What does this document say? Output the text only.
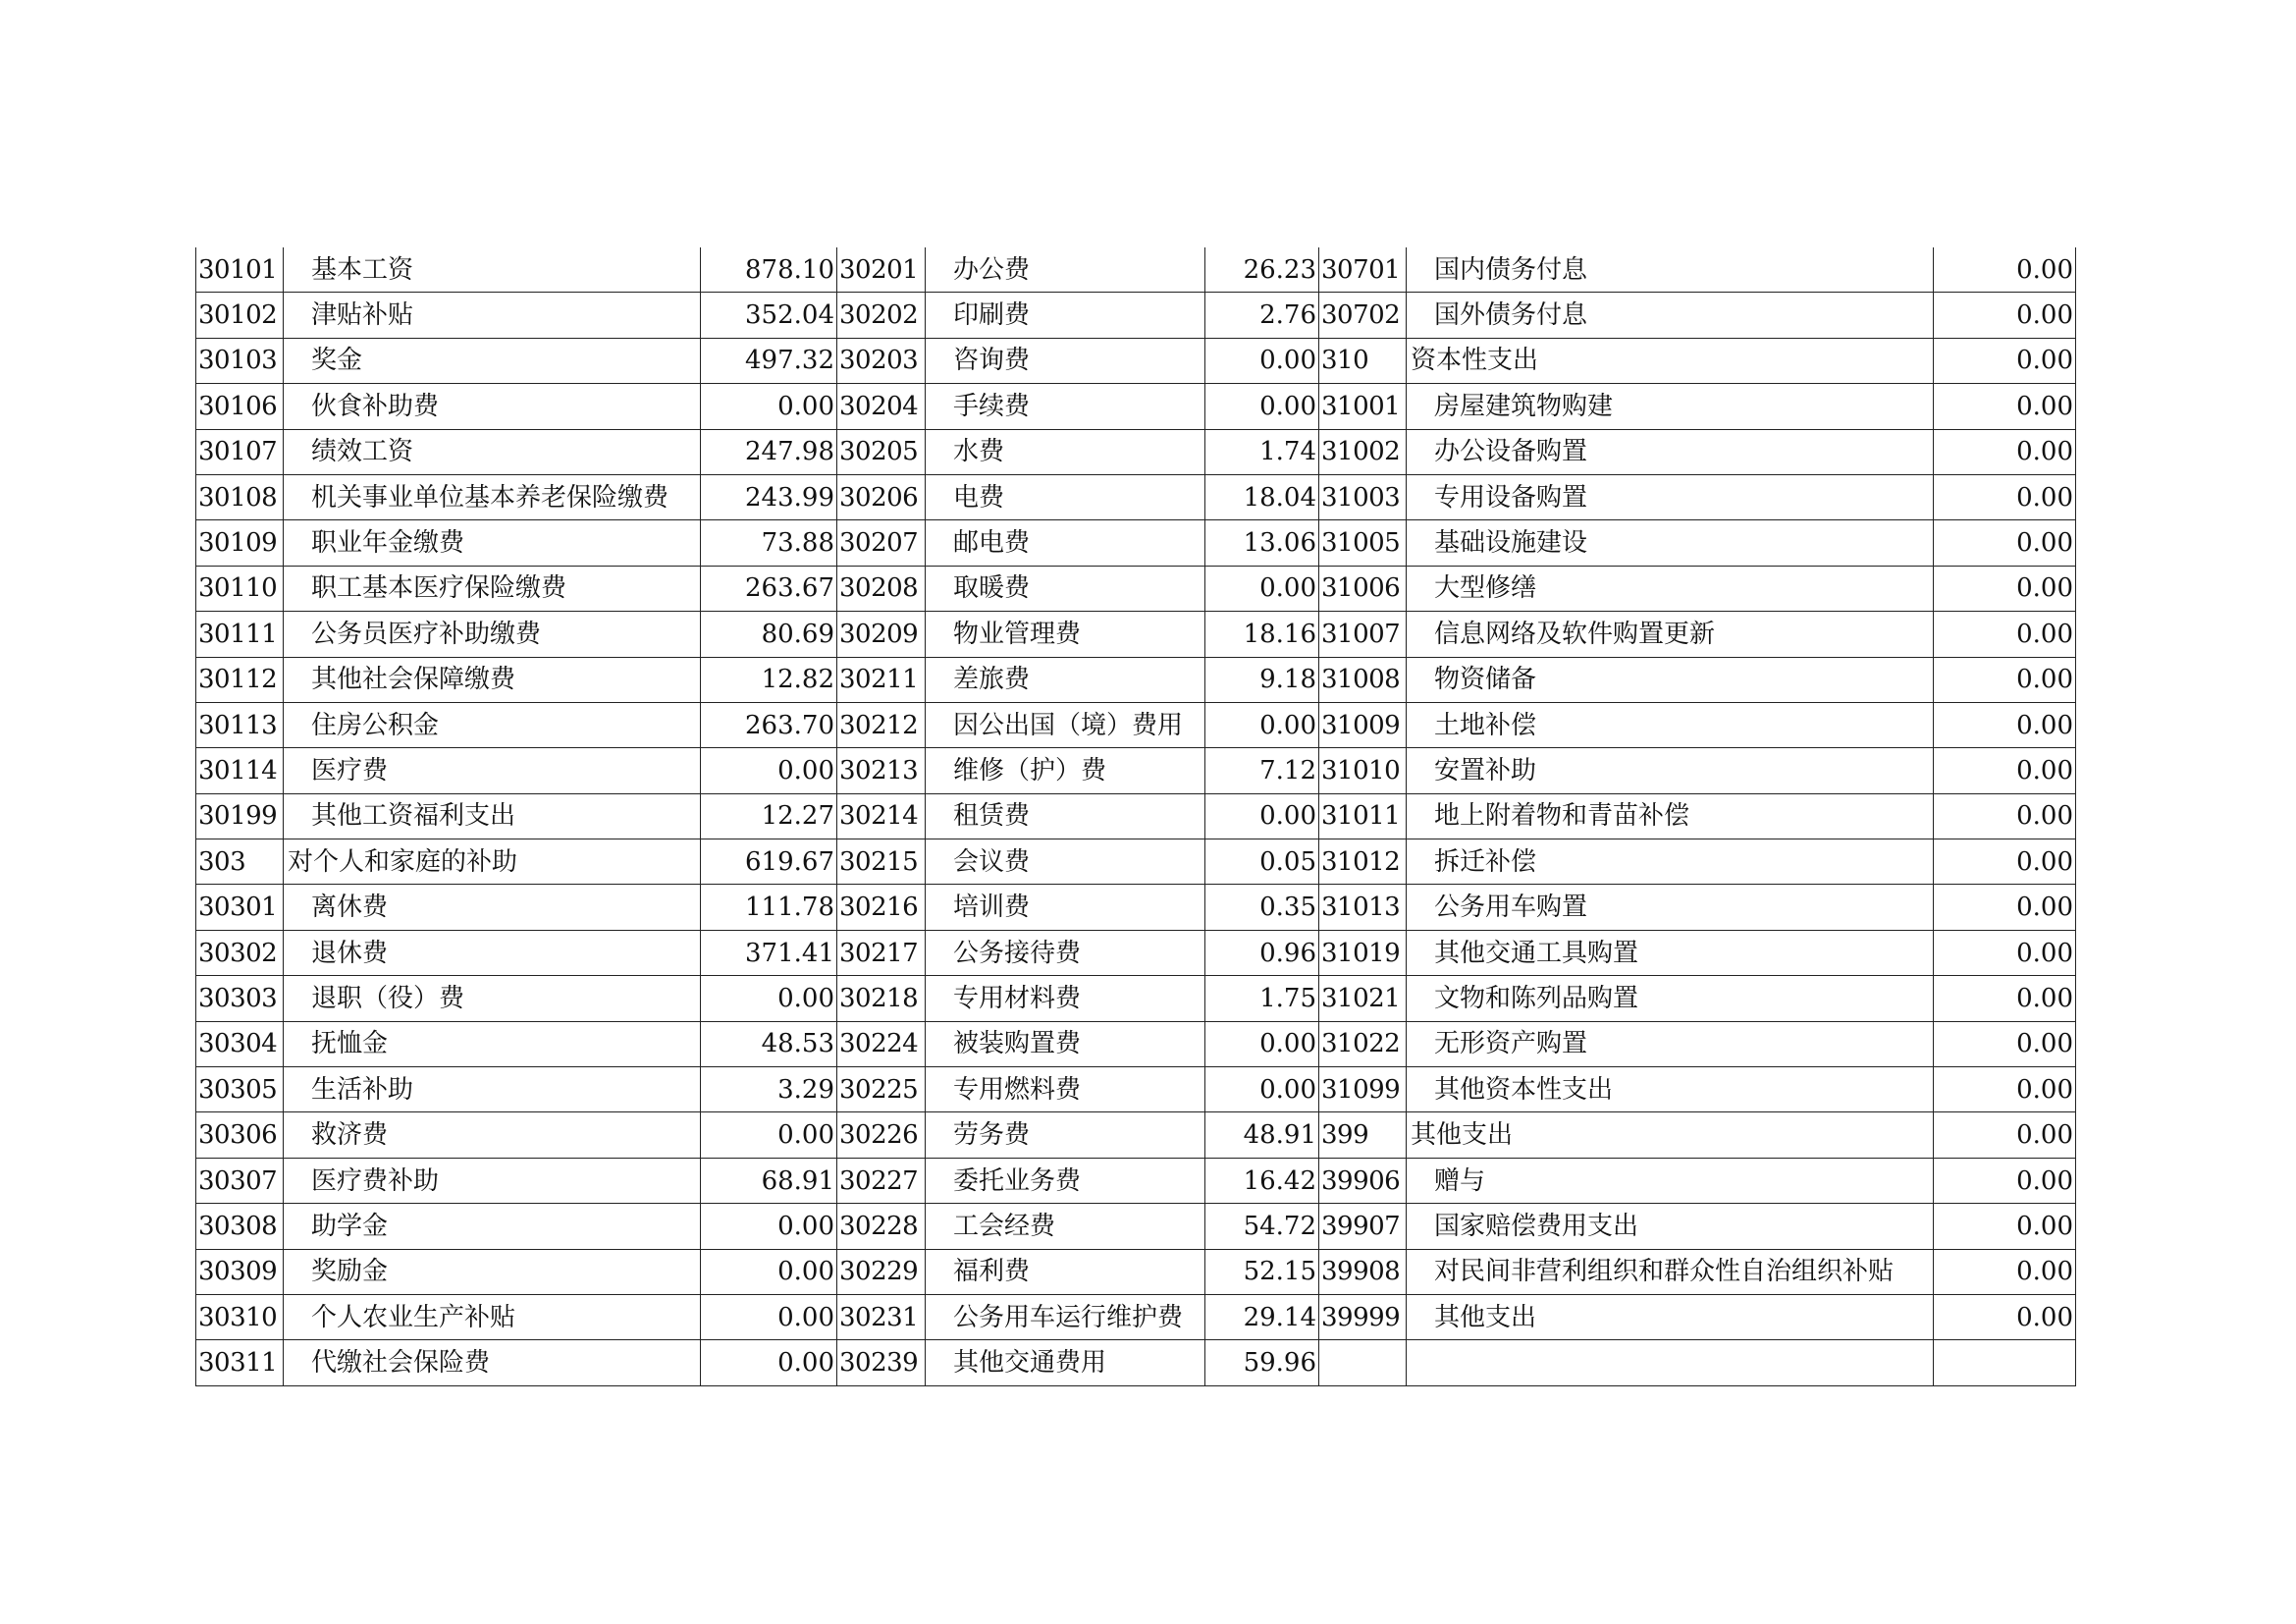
30101	基本工资	878.10	30201	办公费	26.23	30701	国内债务付息	0.00
30102	津贴补贴	352.04	30202	印刷费	2.76	30702	国外债务付息	0.00
30103	奖金	497.32	30203	咨询费	0.00	310	资本性支出	0.00
30106	伙食补助费	0.00	30204	手续费	0.00	31001	房屋建筑物购建	0.00
30107	绩效工资	247.98	30205	水费	1.74	31002	办公设备购置	0.00
30108	机关事业单位基本养老保险缴费	243.99	30206	电费	18.04	31003	专用设备购置	0.00
30109	职业年金缴费	73.88	30207	邮电费	13.06	31005	基础设施建设	0.00
30110	职工基本医疗保险缴费	263.67	30208	取暖费	0.00	31006	大型修缮	0.00
30111	公务员医疗补助缴费	80.69	30209	物业管理费	18.16	31007	信息网络及软件购置更新	0.00
30112	其他社会保障缴费	12.82	30211	差旅费	9.18	31008	物资储备	0.00
30113	住房公积金	263.70	30212	因公出国（境）费用	0.00	31009	土地补偿	0.00
30114	医疗费	0.00	30213	维修（护）费	7.12	31010	安置补助	0.00
30199	其他工资福利支出	12.27	30214	租赁费	0.00	31011	地上附着物和青苗补偿	0.00
303	对个人和家庭的补助	619.67	30215	会议费	0.05	31012	拆迁补偿	0.00
30301	离休费	111.78	30216	培训费	0.35	31013	公务用车购置	0.00
30302	退休费	371.41	30217	公务接待费	0.96	31019	其他交通工具购置	0.00
30303	退职（役）费	0.00	30218	专用材料费	1.75	31021	文物和陈列品购置	0.00
30304	抚恤金	48.53	30224	被装购置费	0.00	31022	无形资产购置	0.00
30305	生活补助	3.29	30225	专用燃料费	0.00	31099	其他资本性支出	0.00
30306	救济费	0.00	30226	劳务费	48.91	399	其他支出	0.00
30307	医疗费补助	68.91	30227	委托业务费	16.42	39906	赠与	0.00
30308	助学金	0.00	30228	工会经费	54.72	39907	国家赔偿费用支出	0.00
30309	奖励金	0.00	30229	福利费	52.15	39908	对民间非营利组织和群众性自治组织补贴	0.00
30310	个人农业生产补贴	0.00	30231	公务用车运行维护费	29.14	39999	其他支出	0.00
30311	代缴社会保险费	0.00	30239	其他交通费用	59.96			
